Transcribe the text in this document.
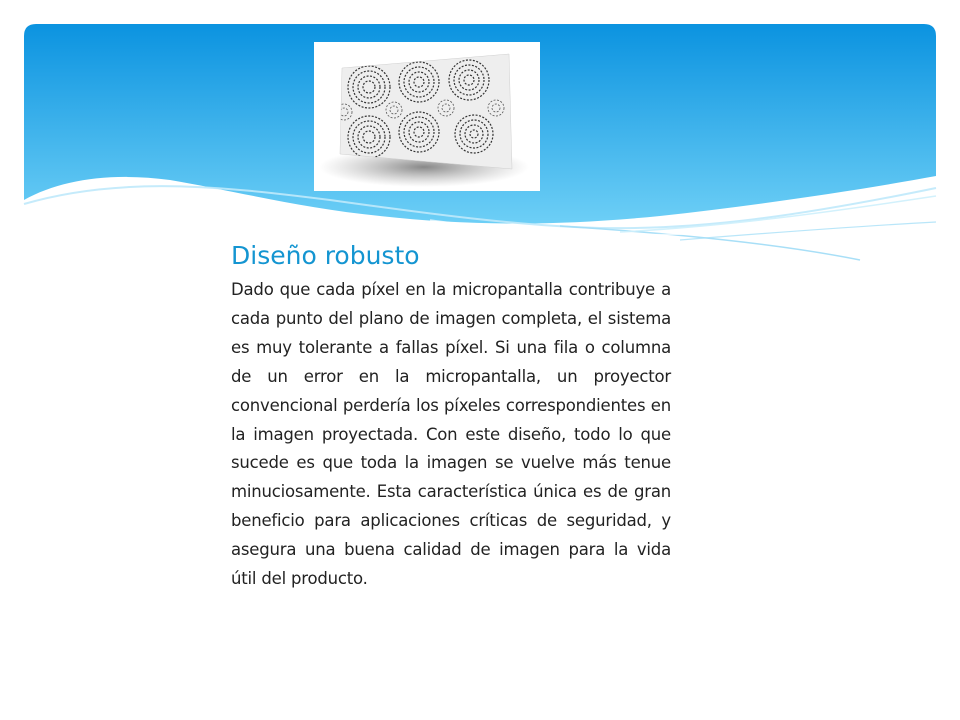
Diseño robusto

Dado que cada píxel en la micropantalla contribuye a cada punto del plano de imagen completa, el sistema es muy tolerante a fallas píxel. Si una fila o columna de un error en la micropantalla, un proyector convencional perdería los píxeles correspondientes en la imagen proyectada. Con este diseño, todo lo que sucede es que toda la imagen se vuelve más tenue minuciosamente. Esta característica única es de gran beneficio para aplicaciones críticas de seguridad, y asegura una buena calidad de imagen para la vida útil del producto.
